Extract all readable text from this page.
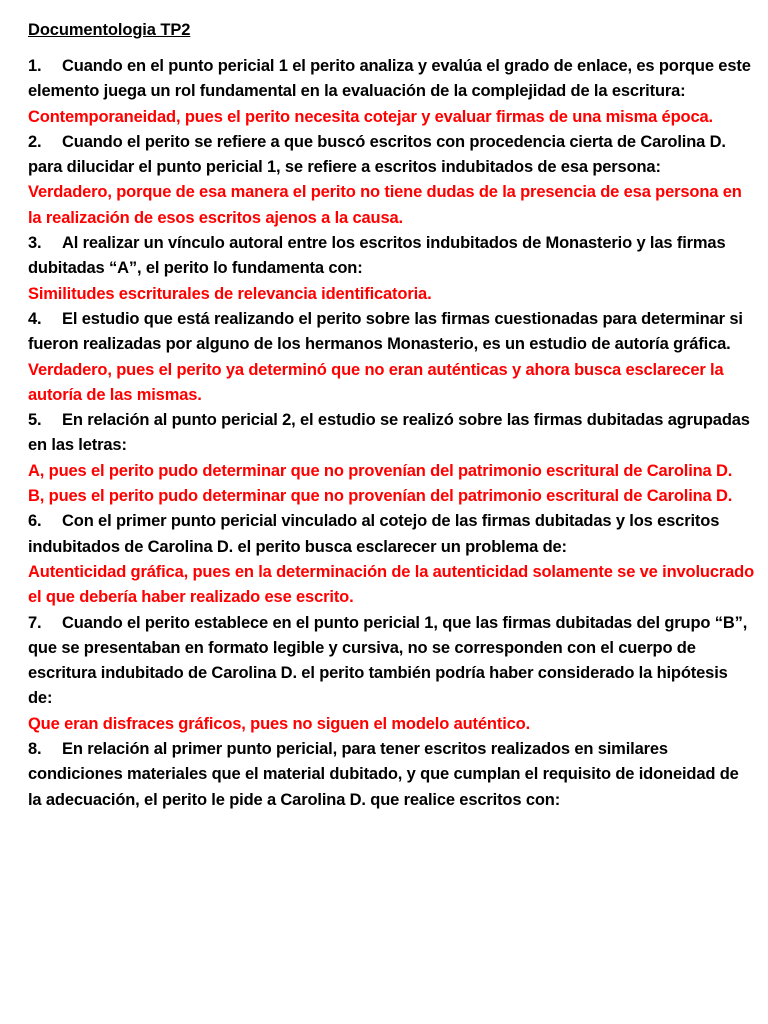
Documentologia TP2

1. Cuando en el punto pericial 1 el perito analiza y evalúa el grado de enlace, es porque este elemento juega un rol fundamental en la evaluación de la complejidad de la escritura:

Contemporaneidad, pues el perito necesita cotejar y evaluar firmas de una misma época.

2. Cuando el perito se refiere a que buscó escritos con procedencia cierta de Carolina D. para dilucidar el punto pericial 1, se refiere a escritos indubitados de esa persona:

Verdadero, porque de esa manera el perito no tiene dudas de la presencia de esa persona en la realización de esos escritos ajenos a la causa.

3. Al realizar un vínculo autoral entre los escritos indubitados de Monasterio y las firmas dubitadas “A”, el perito lo fundamenta con:

Similitudes escriturales de relevancia identificatoria.

4. El estudio que está realizando el perito sobre las firmas cuestionadas para determinar si fueron realizadas por alguno de los hermanos Monasterio, es un estudio de autoría gráfica.

Verdadero, pues el perito ya determinó que no eran auténticas y ahora busca esclarecer la autoría de las mismas.

5. En relación al punto pericial 2, el estudio se realizó sobre las firmas dubitadas agrupadas en las letras:

A, pues el perito pudo determinar que no provenían del patrimonio escritural de Carolina D.

B, pues el perito pudo determinar que no provenían del patrimonio escritural de Carolina D.

6. Con el primer punto pericial vinculado al cotejo de las firmas dubitadas y los escritos indubitados de Carolina D. el perito busca esclarecer un problema de:

Autenticidad gráfica, pues en la determinación de la autenticidad solamente se ve involucrado el que debería haber realizado ese escrito.

7. Cuando el perito establece en el punto pericial 1, que las firmas dubitadas del grupo “B”, que se presentaban en formato legible y cursiva, no se corresponden con el cuerpo de escritura indubitado de Carolina D. el perito también podría haber considerado la hipótesis de:

Que eran disfraces gráficos, pues no siguen el modelo auténtico.

8. En relación al primer punto pericial, para tener escritos realizados en similares condiciones materiales que el material dubitado, y que cumplan el requisito de idoneidad de la adecuación, el perito le pide a Carolina D. que realice escritos con:
